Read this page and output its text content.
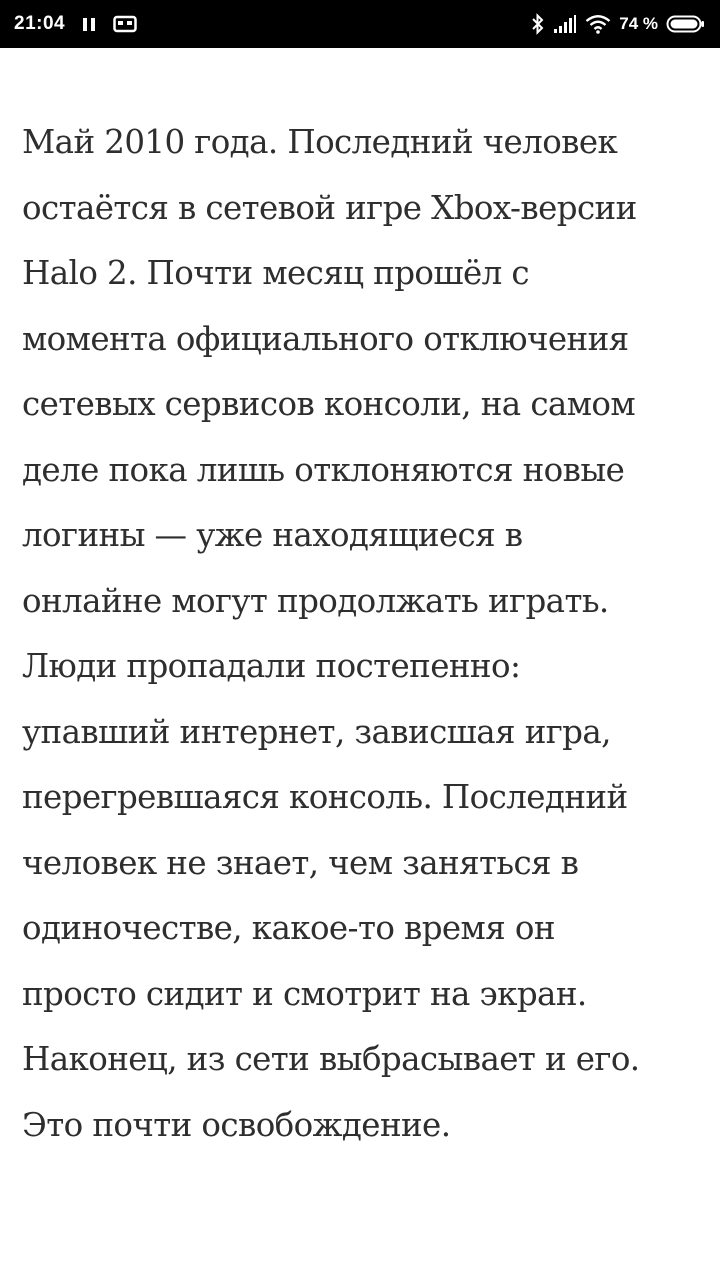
21:04	74 %

Май 2010 года. Последний человек
остаётся в сетевой игре Xbox-версии
Halo 2. Почти месяц прошёл с
момента официального отключения
сетевых сервисов консоли, на самом
деле пока лишь отклоняются новые
логины — уже находящиеся в
онлайне могут продолжать играть.
Люди пропадали постепенно:
упавший интернет, зависшая игра,
перегревшаяся консоль. Последний
человек не знает, чем заняться в
одиночестве, какое-то время он
просто сидит и смотрит на экран.
Наконец, из сети выбрасывает и его.
Это почти освобождение.
